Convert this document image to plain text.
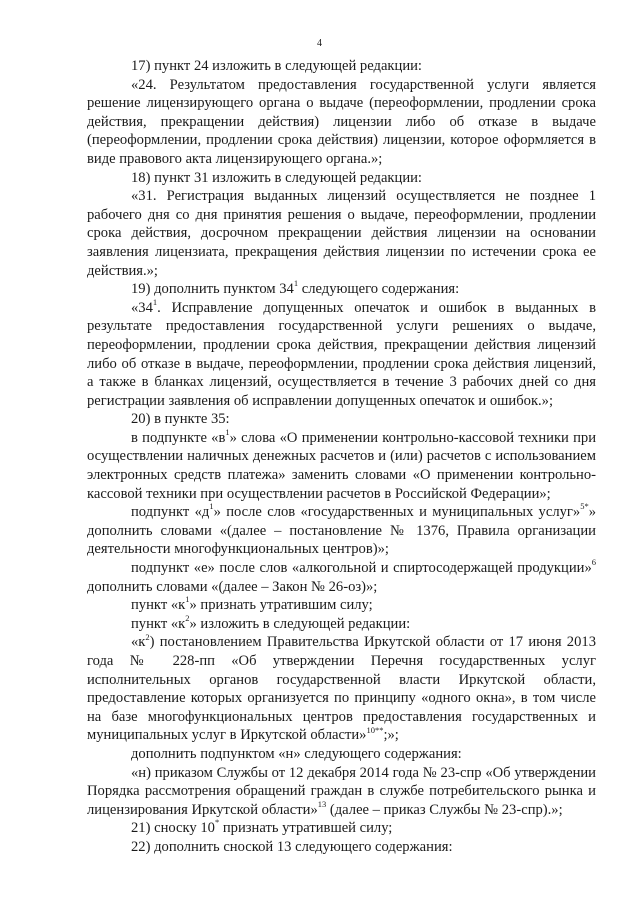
4

17) пункт 24 изложить в следующей редакции:

«24. Результатом предоставления государственной услуги является решение лицензирующего органа о выдаче (переоформлении, продлении срока действия, прекращении действия) лицензии либо об отказе в выдаче (переоформлении, продлении срока действия) лицензии, которое оформляется в виде правового акта лицензирующего органа.»;

18) пункт 31 изложить в следующей редакции:

«31. Регистрация выданных лицензий осуществляется не позднее 1 рабочего дня со дня принятия решения о выдаче, переоформлении, продлении срока действия, досрочном прекращении действия лицензии на основании заявления лицензиата, прекращения действия лицензии по истечении срока ее действия.»;

19) дополнить пунктом $34^1$ следующего содержания:

«$34^1$. Исправление допущенных опечаток и ошибок в выданных в результате предоставления государственной услуги решениях о выдаче, переоформлении, продлении срока действия, прекращении действия лицензий либо об отказе в выдаче, переоформлении, продлении срока действия лицензий, а также в бланках лицензий, осуществляется в течение 3 рабочих дней со дня регистрации заявления об исправлении допущенных опечаток и ошибок.»;

20) в пункте 35:

в подпункте «$в^1$» слова «О применении контрольно-кассовой техники при осуществлении наличных денежных расчетов и (или) расчетов с использованием электронных средств платежа» заменить словами «О применении контрольно-кассовой техники при осуществлении расчетов в Российской Федерации»;

подпункт «$д^1$» после слов «государственных и муниципальных услуг»$^{5*}$» дополнить словами «(далее – постановление № 1376, Правила организации деятельности многофункциональных центров)»;

подпункт «е» после слов «алкогольной и спиртосодержащей продукции»$^6$ дополнить словами «(далее – Закон № 26-оз)»;

пункт «$к^1$» признать утратившим силу;

пункт «$к^2$» изложить в следующей редакции:

«$к^2$) постановлением Правительства Иркутской области от 17 июня 2013 года № 228-пп «Об утверждении Перечня государственных услуг исполнительных органов государственной власти Иркутской области, предоставление которых организуется по принципу «одного окна», в том числе на базе многофункциональных центров предоставления государственных и муниципальных услуг в Иркутской области»$^{10**}$;»;

дополнить подпунктом «н» следующего содержания:

«н) приказом Службы от 12 декабря 2014 года № 23-спр «Об утверждении Порядка рассмотрения обращений граждан в службе потребительского рынка и лицензирования Иркутской области»$^{13}$ (далее – приказ Службы № 23-спр).»;

21) сноску 10* признать утратившей силу;

22) дополнить сноской 13 следующего содержания:
